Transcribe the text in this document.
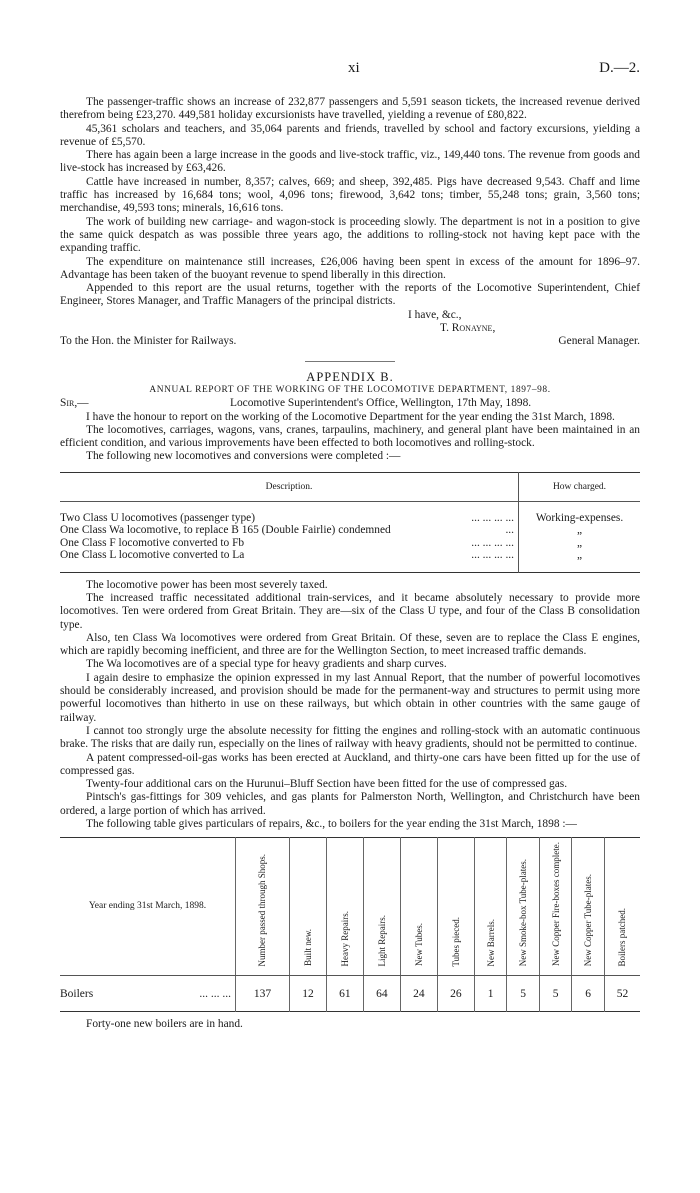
xi	D.—2.

The passenger-traffic shows an increase of 232,877 passengers and 5,591 season tickets, the increased revenue derived therefrom being £23,270. 449,581 holiday excursionists have travelled, yielding a revenue of £80,822.

45,361 scholars and teachers, and 35,064 parents and friends, travelled by school and factory excursions, yielding a revenue of £5,570.

There has again been a large increase in the goods and live-stock traffic, viz., 149,440 tons. The revenue from goods and live-stock has increased by £63,426.

Cattle have increased in number, 8,357; calves, 669; and sheep, 392,485. Pigs have decreased 9,543. Chaff and lime traffic has increased by 16,684 tons; wool, 4,096 tons; firewood, 3,642 tons; timber, 55,248 tons; grain, 3,560 tons; merchandise, 49,593 tons; minerals, 16,616 tons.

The work of building new carriage- and wagon-stock is proceeding slowly. The department is not in a position to give the same quick despatch as was possible three years ago, the additions to rolling-stock not having kept pace with the expanding traffic.

The expenditure on maintenance still increases, £26,006 having been spent in excess of the amount for 1896–97. Advantage has been taken of the buoyant revenue to spend liberally in this direction.

Appended to this report are the usual returns, together with the reports of the Locomotive Superintendent, Chief Engineer, Stores Manager, and Traffic Managers of the principal districts.

I have, &c.,
T. Ronayne,
To the Hon. the Minister for Railways.	General Manager.
APPENDIX B.
ANNUAL REPORT OF THE WORKING OF THE LOCOMOTIVE DEPARTMENT, 1897–98.
Sir,—	Locomotive Superintendent's Office, Wellington, 17th May, 1898.

I have the honour to report on the working of the Locomotive Department for the year ending the 31st March, 1898.

The locomotives, carriages, wagons, vans, cranes, tarpaulins, machinery, and general plant have been maintained in an efficient condition, and various improvements have been effected to both locomotives and rolling-stock.

The following new locomotives and conversions were completed :—

Description.	How charged.

Two Class U locomotives (passenger type) ... ... ... ...	Working-expenses.
One Class Wa locomotive, to replace B 165 (Double Fairlie) condemned ...	„
One Class F locomotive converted to Fb ... ... ... ...	„
One Class L locomotive converted to La ... ... ... ...	„

The locomotive power has been most severely taxed.

The increased traffic necessitated additional train-services, and it became absolutely necessary to provide more locomotives. Ten were ordered from Great Britain. They are—six of the Class U type, and four of the Class B consolidation type.

Also, ten Class Wa locomotives were ordered from Great Britain. Of these, seven are to replace the Class E engines, which are rapidly becoming inefficient, and three are for the Wellington Section, to meet increased traffic demands.

The Wa locomotives are of a special type for heavy gradients and sharp curves.

I again desire to emphasize the opinion expressed in my last Annual Report, that the number of powerful locomotives should be considerably increased, and provision should be made for the permanent-way and structures to permit using more powerful locomotives than hitherto in use on these railways, but which obtain in other countries with the same gauge of railway.

I cannot too strongly urge the absolute necessity for fitting the engines and rolling-stock with an automatic continuous brake. The risks that are daily run, especially on the lines of railway with heavy gradients, should not be permitted to continue.

A patent compressed-oil-gas works has been erected at Auckland, and thirty-one cars have been fitted up for the use of compressed gas.

Twenty-four additional cars on the Hurunui–Bluff Section have been fitted for the use of compressed gas.

Pintsch's gas-fittings for 309 vehicles, and gas plants for Palmerston North, Wellington, and Christchurch have been ordered, a large portion of which has arrived.

The following table gives particulars of repairs, &c., to boilers for the year ending the 31st March, 1898 :—

Year ending 31st March, 1898.	Number passed through Shops.	Built new.	Heavy Repairs.	Light Repairs.	New Tubes.	Tubes pieced.	New Barrels.	New Smoke-box Tube-plates.	New Copper Fire-boxes complete.	New Copper Tube-plates.	Boilers patched.
Boilers ... ... ...	137	12	61	64	24	26	1	5	5	6	52

Forty-one new boilers are in hand.
